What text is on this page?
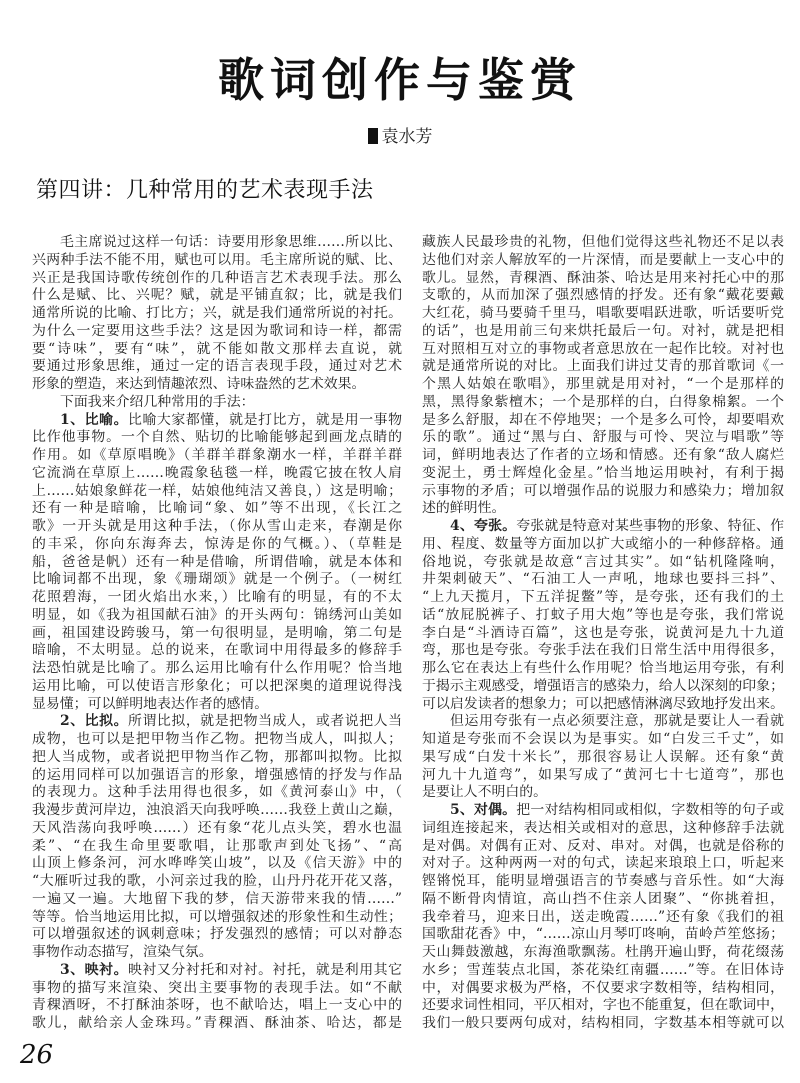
歌词创作与鉴赏
袁水芳
第四讲：几种常用的艺术表现手法
毛主席说过这样一句话：诗要用形象思维……所以比、
兴两种手法不能不用，赋也可以用。毛主席所说的赋、比、
兴正是我国诗歌传统创作的几种语言艺术表现手法。那么
什么是赋、比、兴呢？赋，就是平铺直叙；比，就是我们
通常所说的比喻、打比方；兴，就是我们通常所说的衬托。
为什么一定要用这些手法？这是因为歌词和诗一样，都需
要“诗味”，要有“味”，就不能如散文那样去直说，就
要通过形象思维，通过一定的语言表现手段，通过对艺术
形象的塑造，来达到情趣浓烈、诗味盎然的艺术效果。
下面我来介绍几种常用的手法：
1、比喻。比喻大家都懂，就是打比方，就是用一事物
比作他事物。一个自然、贴切的比喻能够起到画龙点睛的
作用。如《草原唱晚》（羊群羊群象潮水一样，羊群羊群
它流淌在草原上……晚霞象毡毯一样，晚霞它披在牧人肩
上……姑娘象鲜花一样，姑娘他纯洁又善良，）这是明喻；
还有一种是暗喻，比喻词“象、如”等不出现，《长江之
歌》一开头就是用这种手法，（你从雪山走来，春潮是你
的丰采，你向东海奔去，惊涛是你的气概。）、（草鞋是
船，爸爸是帆）还有一种是借喻，所谓借喻，就是本体和
比喻词都不出现，象《珊瑚颂》就是一个例子。（一树红
花照碧海，一团火焰出水来，）比喻有的明显，有的不太
明显，如《我为祖国献石油》的开头两句：锦绣河山美如
画，祖国建设跨骏马，第一句很明显，是明喻，第二句是
暗喻，不太明显。总的说来，在歌词中用得最多的修辞手
法恐怕就是比喻了。那么运用比喻有什么作用呢？恰当地
运用比喻，可以使语言形象化；可以把深奥的道理说得浅
显易懂；可以鲜明地表达作者的感情。
2、比拟。所谓比拟，就是把物当成人，或者说把人当
成物，也可以是把甲物当作乙物。把物当成人，叫拟人；
把人当成物，或者说把甲物当作乙物，那都叫拟物。比拟
的运用同样可以加强语言的形象，增强感情的抒发与作品
的表现力。这种手法用得也很多，如《黄河泰山》中，（
我漫步黄河岸边，浊浪滔天向我呼唤……我登上黄山之巅，
天风浩荡向我呼唤……）还有象“花儿点头笑，碧水也温
柔”、“在我生命里要歌唱，让那歌声到处飞扬”、“高
山顶上修条河，河水哗哗笑山坡”，以及《信天游》中的
“大雁听过我的歌，小河亲过我的脸，山丹丹花开花又落，
一遍又一遍。大地留下我的梦，信天游带来我的情……”
等等。恰当地运用比拟，可以增强叙述的形象性和生动性；
可以增强叙述的讽刺意味；抒发强烈的感情；可以对静态
事物作动态描写，渲染气氛。
3、映衬。映衬又分衬托和对衬。衬托，就是利用其它
事物的描写来渲染、突出主要事物的表现手法。如“不献
青稞酒呀，不打酥油茶呀，也不献哈达，唱上一支心中的
歌儿，献给亲人金珠玛。”青稞酒、酥油茶、哈达，都是
藏族人民最珍贵的礼物，但他们觉得这些礼物还不足以表
达他们对亲人解放军的一片深情，而是要献上一支心中的
歌儿。显然，青稞酒、酥油茶、哈达是用来衬托心中的那
支歌的，从而加深了强烈感情的抒发。还有象“戴花要戴
大红花，骑马要骑千里马，唱歌要唱跃进歌，听话要听党
的话”，也是用前三句来烘托最后一句。对衬，就是把相
互对照相互对立的事物或者意思放在一起作比较。对衬也
就是通常所说的对比。上面我们讲过艾青的那首歌词《一
个黑人姑娘在歌唱》，那里就是用对衬，“一个是那样的
黑，黑得象紫檀木；一个是那样的白，白得象棉絮。一个
是多么舒服，却在不停地哭；一个是多么可怜，却要唱欢
乐的歌”。通过“黑与白、舒服与可怜、哭泣与唱歌”等
词，鲜明地表达了作者的立场和情感。还有象“敌人腐烂
变泥土，勇士辉煌化金星。”恰当地运用映衬，有利于揭
示事物的矛盾；可以增强作品的说服力和感染力；增加叙
述的鲜明性。
4、夸张。夸张就是特意对某些事物的形象、特征、作
用、程度、数量等方面加以扩大或缩小的一种修辞格。通
俗地说，夸张就是故意“言过其实”。如“钻机隆隆响，
井架刺破天”、“石油工人一声吼，地球也要抖三抖”、
“上九天揽月，下五洋捉鳖”等，是夸张，还有我们的土
话“放屁脱裤子、打蚊子用大炮”等也是夸张，我们常说
李白是“斗酒诗百篇”，这也是夸张，说黄河是九十九道
弯，那也是夸张。夸张手法在我们日常生活中用得很多，
那么它在表达上有些什么作用呢？恰当地运用夸张，有利
于揭示主观感受，增强语言的感染力，给人以深刻的印象；
可以启发读者的想象力；可以把感情淋漓尽致地抒发出来。
但运用夸张有一点必须要注意，那就是要让人一看就
知道是夸张而不会误以为是事实。如“白发三千丈”，如
果写成“白发十米长”，那很容易让人误解。还有象“黄
河九十九道弯”，如果写成了“黄河七十七道弯”，那也
是要让人不明白的。
5、对偶。把一对结构相同或相似，字数相等的句子或
词组连接起来，表达相关或相对的意思，这种修辞手法就
是对偶。对偶有正对、反对、串对。对偶，也就是俗称的
对对子。这种两两一对的句式，读起来琅琅上口，听起来
铿锵悦耳，能明显增强语言的节奏感与音乐性。如“大海
隔不断骨肉情谊，高山挡不住亲人团聚”、“你挑着担，
我牵着马，迎来日出，送走晚霞……”还有象《我们的祖
国歌甜花香》中，“……凉山月琴叮咚响，苗岭芦笙悠扬；
天山舞鼓激越，东海渔歌飘荡。杜鹃开遍山野，荷花缀荡
水乡；雪莲装点北国，茶花染红南疆……”等。在旧体诗
中，对偶要求极为严格，不仅要求字数相等，结构相同，
还要求词性相同，平仄相对，字也不能重复，但在歌词中，
我们一般只要两句成对，结构相同，字数基本相等就可以
26
